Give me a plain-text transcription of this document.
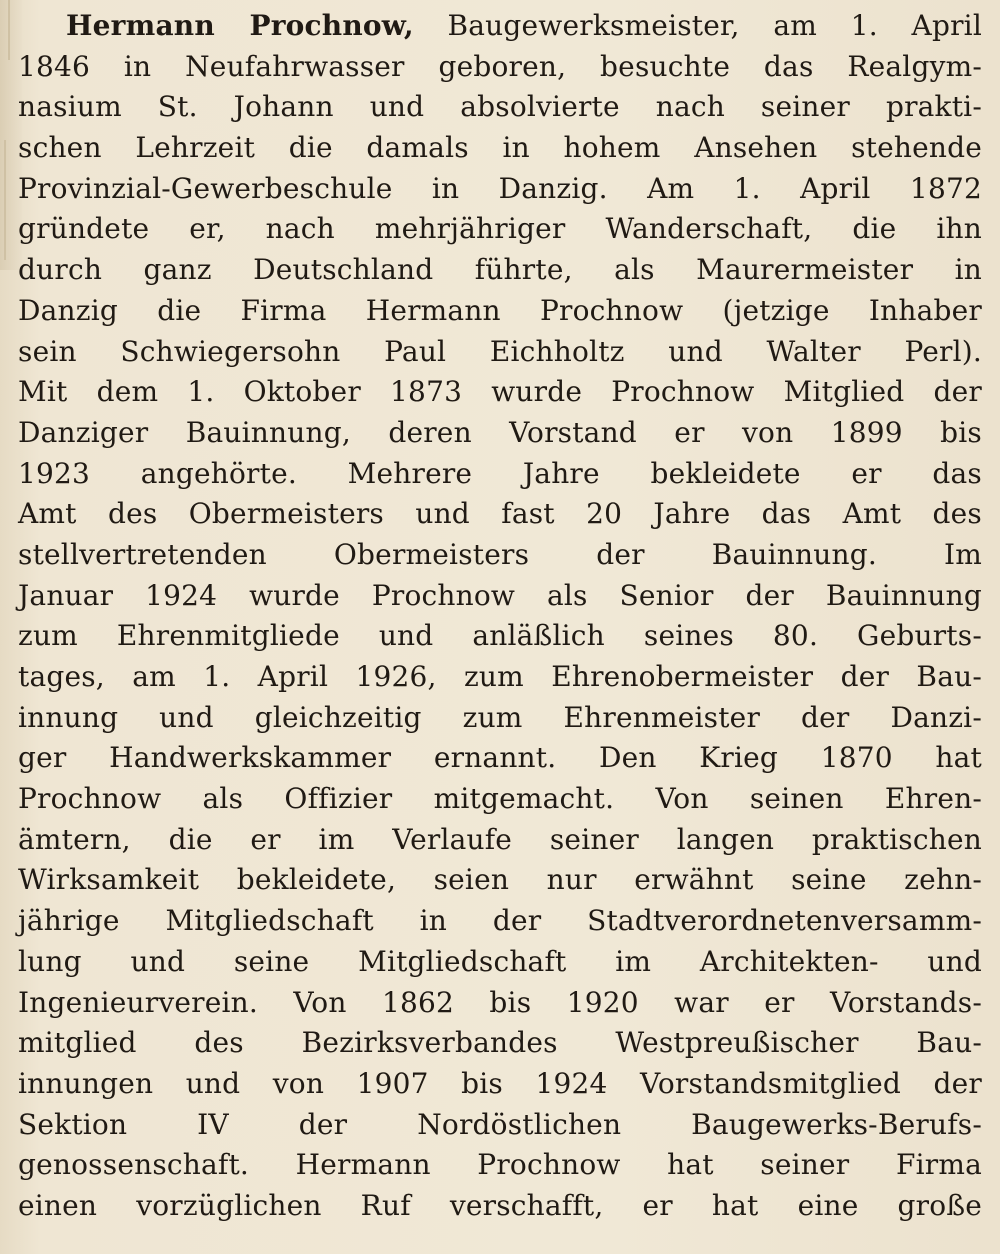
Hermann Prochnow, Baugewerksmeister, am 1. April
1846 in Neufahrwasser geboren, besuchte das Realgym-
nasium St. Johann und absolvierte nach seiner prakti-
schen Lehrzeit die damals in hohem Ansehen stehende
Provinzial-Gewerbeschule in Danzig. Am 1. April 1872
gründete er, nach mehrjähriger Wanderschaft, die ihn
durch ganz Deutschland führte, als Maurermeister in
Danzig die Firma Hermann Prochnow (jetzige Inhaber
sein Schwiegersohn Paul Eichholtz und Walter Perl).
Mit dem 1. Oktober 1873 wurde Prochnow Mitglied der
Danziger Bauinnung, deren Vorstand er von 1899 bis
1923 angehörte. Mehrere Jahre bekleidete er das
Amt des Obermeisters und fast 20 Jahre das Amt des
stellvertretenden Obermeisters der Bauinnung. Im
Januar 1924 wurde Prochnow als Senior der Bauinnung
zum Ehrenmitgliede und anläßlich seines 80. Geburts-
tages, am 1. April 1926, zum Ehrenobermeister der Bau-
innung und gleichzeitig zum Ehrenmeister der Danzi-
ger Handwerkskammer ernannt. Den Krieg 1870 hat
Prochnow als Offizier mitgemacht. Von seinen Ehren-
ämtern, die er im Verlaufe seiner langen praktischen
Wirksamkeit bekleidete, seien nur erwähnt seine zehn-
jährige Mitgliedschaft in der Stadtverordnetenversamm-
lung und seine Mitgliedschaft im Architekten- und
Ingenieurverein. Von 1862 bis 1920 war er Vorstands-
mitglied des Bezirksverbandes Westpreußischer Bau-
innungen und von 1907 bis 1924 Vorstandsmitglied der
Sektion IV der Nordöstlichen Baugewerks-Berufs-
genossenschaft. Hermann Prochnow hat seiner Firma
einen vorzüglichen Ruf verschafft, er hat eine große
